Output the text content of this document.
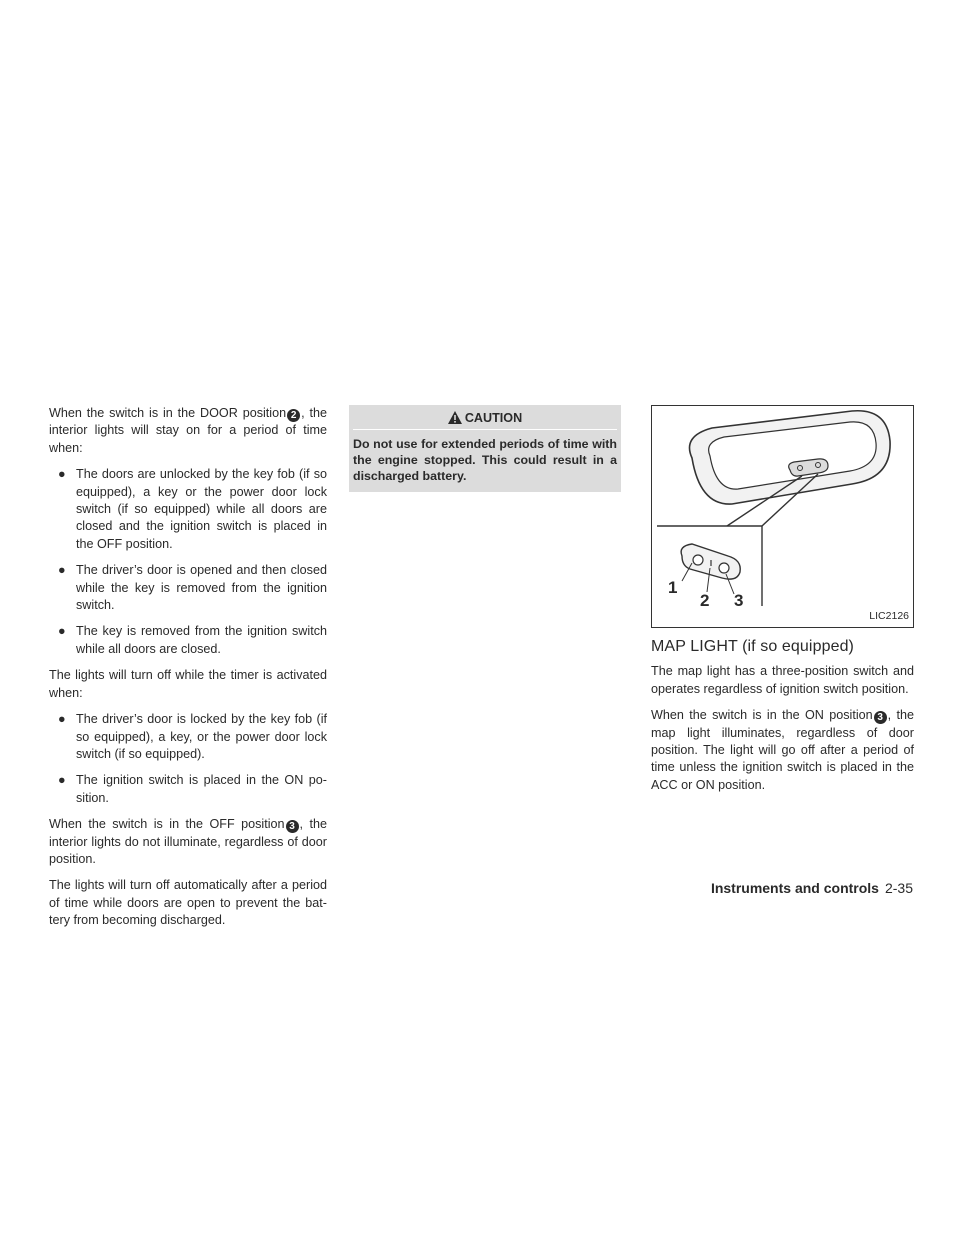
When the switch is in the DOOR position 2 , the interior lights will stay on for a period of time when:

● The doors are unlocked by the key fob (if so equipped), a key or the power door lock switch (if so equipped) while all doors are closed and the ignition switch is placed in the OFF position.
● The driver’s door is opened and then closed while the key is removed from the ignition switch.
● The key is removed from the ignition switch while all doors are closed.

The lights will turn off while the timer is activated when:

● The driver’s door is locked by the key fob (if so equipped), a key, or the power door lock switch (if so equipped).
● The ignition switch is placed in the ON po-sition.

When the switch is in the OFF position 3 , the interior lights do not illuminate, regardless of door position.

The lights will turn off automatically after a period of time while doors are open to prevent the bat-tery from becoming discharged.

CAUTION
Do not use for extended periods of time with the engine stopped. This could result in a discharged battery.
1
2 3
LIC2126
MAP LIGHT (if so equipped)

The map light has a three-position switch and operates regardless of ignition switch position.

When the switch is in the ON position 3 , the map light illuminates, regardless of door position. The light will go off after a period of time unless the ignition switch is placed in the ACC or ON position.

Instruments and controls 2-35
